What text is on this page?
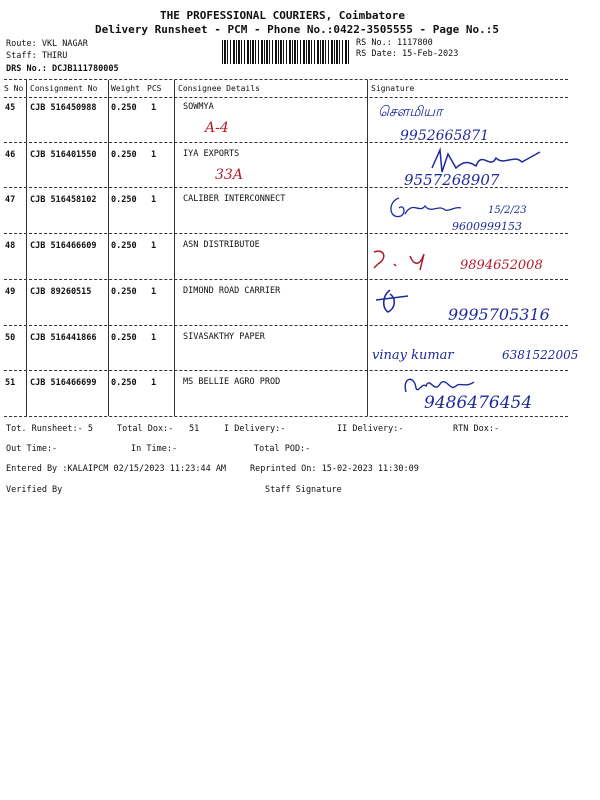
THE PROFESSIONAL COURIERS, Coimbatore
Delivery Runsheet - PCM - Phone No.:0422-3505555 - Page No.:5
Route: VKL NAGAR
Staff: THIRU
DRS No.: DCJB111780005
RS No.: 1117800
RS Date: 15-Feb-2023
S No Consignment No Weight PCS Consignee Details	Signature
45 CJB 516450988 0.250 1	SOWMYA
A-4
சௌமியா
9952665871
46 CJB 516401550 0.250 1	IYA EXPORTS
33A	9557268907
47 CJB 516458102 0.250 1	CALIBER INTERCONNECT
15/2/23
9600999153
48 CJB 516466609 0.250 1	ASN DISTRIBUTOE
9894652008
49 CJB 89260515 0.250 1	DIMOND ROAD CARRIER
9995705316
50 CJB 516441866 0.250 1	SIVASAKTHY PAPER
vinay kumar	6381522005
51 CJB 516466699 0.250 1	MS BELLIE AGRO PROD
9486476454
Tot. Runsheet:- 5	Total Dox:- 51	I Delivery:-	II Delivery:-	RTN Dox:-
Out Time:-	In Time:-	Total POD:-
Entered By :KALAIPCM 02/15/2023 11:23:44 AM	Reprinted On: 15-02-2023 11:30:09
Verified By	Staff Signature
